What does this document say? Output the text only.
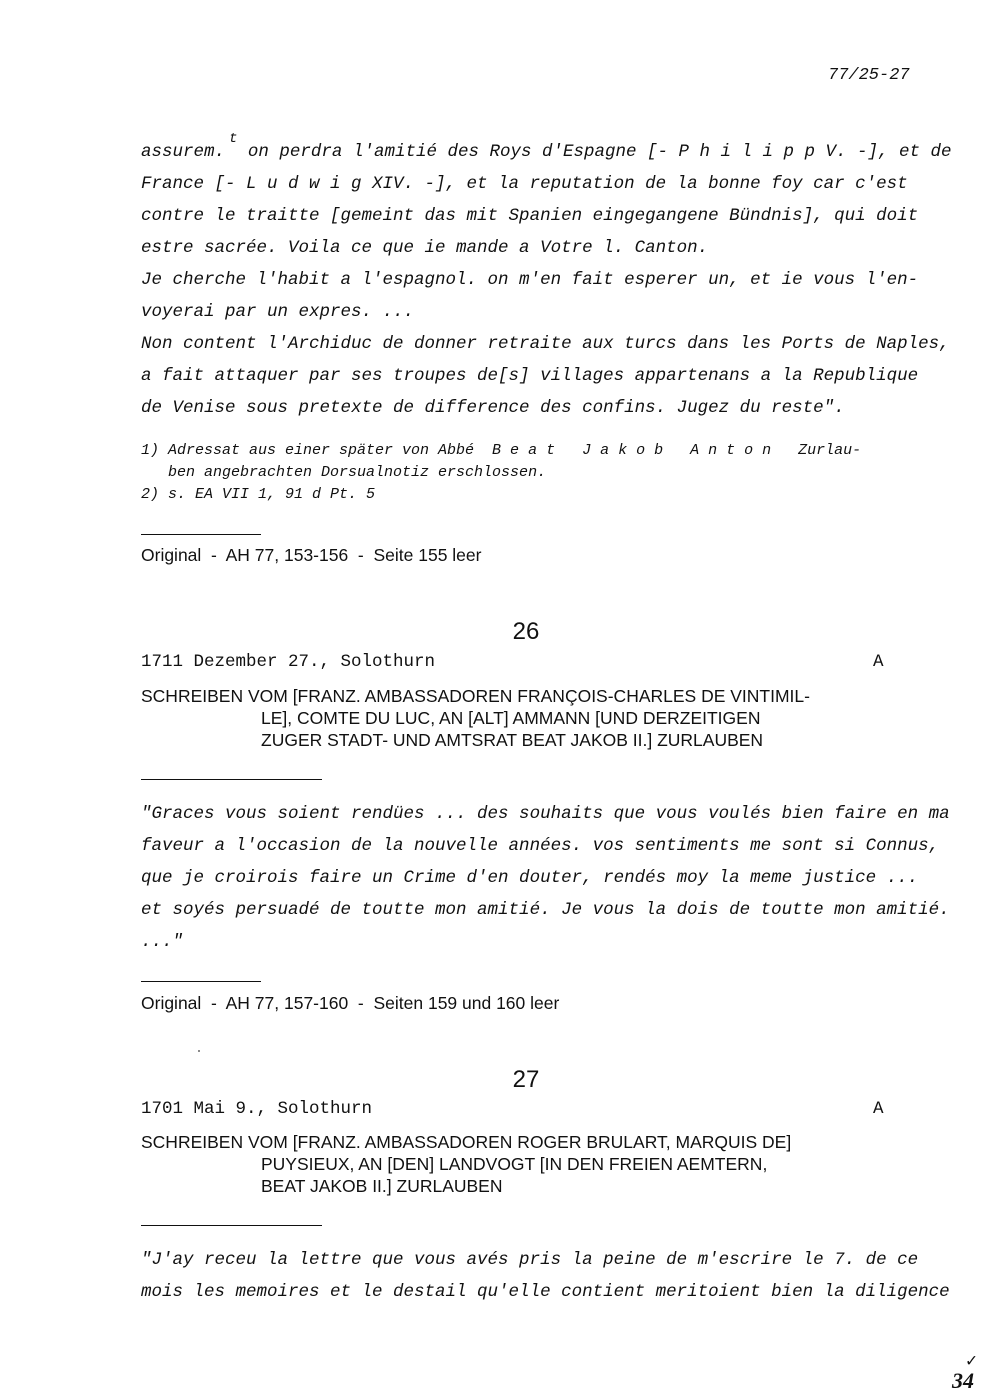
77/25-27
assurem.$^t$ on perdra l'amitié des Roys d'Espagne [- P h i l i p p V. -], et de
France [- L u d w i g XIV. -], et la reputation de la bonne foy car c'est
contre le traitte [gemeint das mit Spanien eingegangene Bündnis], qui doit
estre sacrée. Voila ce que ie mande a Votre l. Canton.
Je cherche l'habit a l'espagnol. on m'en fait esperer un, et ie vous l'en-
voyerai par un expres. ...
Non content l'Archiduc de donner retraite aux turcs dans les Ports de Naples,
a fait attaquer par ses troupes de[s] villages appartenans a la Republique
de Venise sous pretexte de difference des confins. Jugez du reste".
1) Adressat aus einer später von Abbé  B e a t   J a k o b   A n t o n   Zurlau-
ben angebrachten Dorsualnotiz erschlossen.
2) s. EA VII 1, 91 d Pt. 5
Original  -  AH 77, 153-156  -  Seite 155 leer
26
1711 Dezember 27., Solothurn	A
SCHREIBEN VOM [FRANZ. AMBASSADOREN FRANÇOIS-CHARLES DE VINTIMIL-
LE], COMTE DU LUC, AN [ALT] AMMANN [UND DERZEITIGEN
ZUGER STADT- UND AMTSRAT BEAT JAKOB II.] ZURLAUBEN
"Graces vous soient rendües ... des souhaits que vous voulés bien faire en ma
faveur a l'occasion de la nouvelle années. vos sentiments me sont si Connus,
que je croirois faire un Crime d'en douter, rendés moy la meme justice ...
et soyés persuadé de toutte mon amitié. Je vous la dois de toutte mon amitié.
..."
Original  -  AH 77, 157-160  -  Seiten 159 und 160 leer
27
1701 Mai 9., Solothurn	A
SCHREIBEN VOM [FRANZ. AMBASSADOREN ROGER BRULART, MARQUIS DE]
PUYSIEUX, AN [DEN] LANDVOGT [IN DEN FREIEN AEMTERN,
BEAT JAKOB II.] ZURLAUBEN
"J'ay receu la lettre que vous avés pris la peine de m'escrire le 7. de ce
mois les memoires et le destail qu'elle contient meritoient bien la diligence
✓
34
